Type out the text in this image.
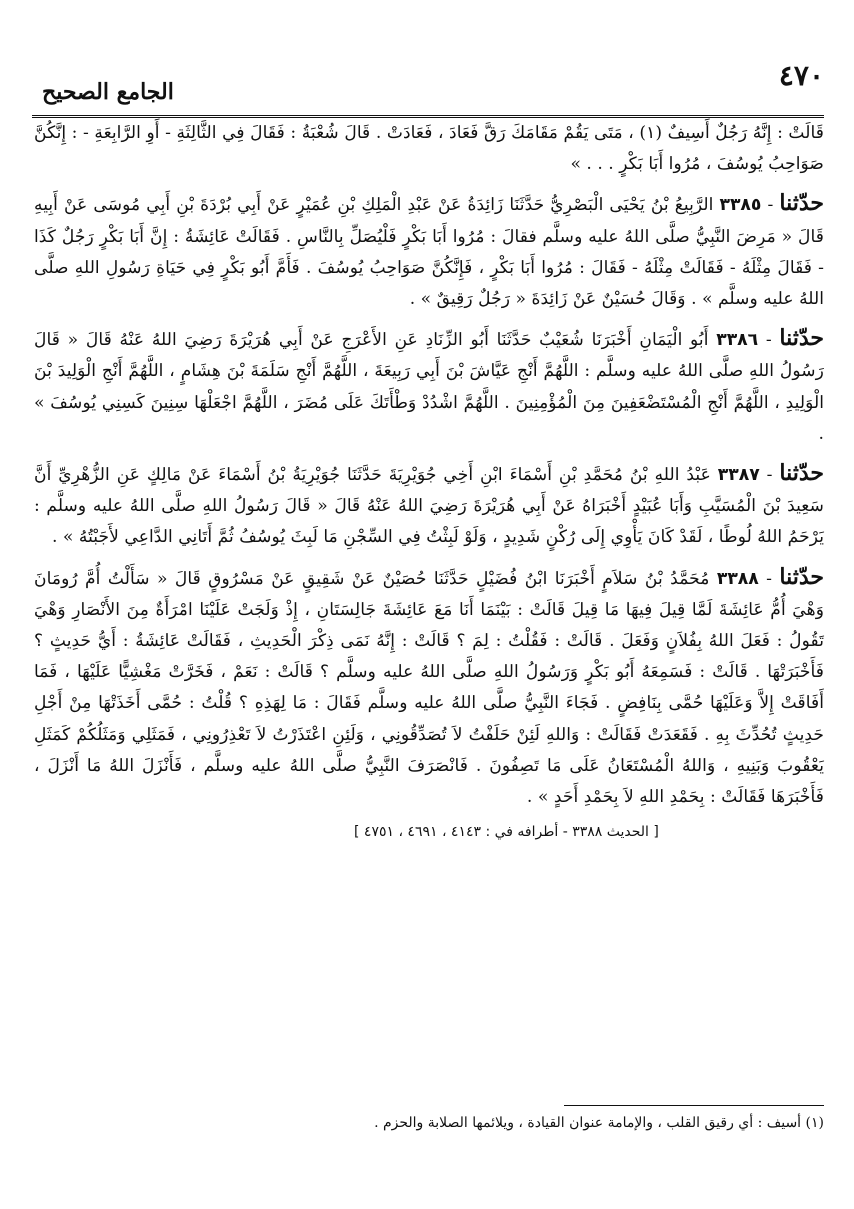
٤٧٠
الجامع الصحيح

قَالَتْ : إِنَّهُ رَجُلٌ أَسِيفٌ (١) ، مَتَى يَقُمْ مَقَامَكَ رَقَّ فَعَادَ ، فَعَادَتْ . قَالَ شُعْبَةُ : فَقَالَ فِي الثَّالِثَةِ - أَوِ الرَّابِعَةِ - : إِنَّكُنَّ صَوَاحِبُ يُوسُفَ ، مُرُوا أَبَا بَكْرٍ . . . »

حدّثنا - ٣٣٨٥ الرَّبِيعُ بْنُ يَحْيَى الْبَصْرِيُّ حَدَّثَنَا زَائِدَةُ عَنْ عَبْدِ الْمَلِكِ بْنِ عُمَيْرٍ عَنْ أَبِي بُرْدَةَ بْنِ أَبِي مُوسَى عَنْ أَبِيهِ قَالَ « مَرِضَ النَّبِيُّ صلَّى اللهُ عليه وسلَّم فقالَ : مُرُوا أَبَا بَكْرٍ فَلْيُصَلِّ بِالنَّاسِ . فَقَالَتْ عَائِشَةُ : إِنَّ أَبَا بَكْرٍ رَجُلٌ كَذَا - فَقَالَ مِثْلَهُ - فَقَالَتْ مِثْلَهُ - فَقَالَ : مُرُوا أَبَا بَكْرٍ ، فَإِنَّكُنَّ صَوَاحِبُ يُوسُفَ . فَأَمَّ أَبُو بَكْرٍ فِي حَيَاةِ رَسُولِ اللهِ صلَّى اللهُ عليه وسلَّم » . وَقَالَ حُسَيْنٌ عَنْ زَائِدَةَ « رَجُلٌ رَقِيقٌ » .

حدّثنا - ٣٣٨٦ أَبُو الْيَمَانِ أَخْبَرَنَا شُعَيْبٌ حَدَّثَنَا أَبُو الزِّنَادِ عَنِ الأَعْرَجِ عَنْ أَبِي هُرَيْرَةَ رَضِيَ اللهُ عَنْهُ قَالَ « قَالَ رَسُولُ اللهِ صلَّى اللهُ عليه وسلَّم : اللَّهُمَّ أَنْجِ عَيَّاشَ بْنَ أَبِي رَبِيعَةَ ، اللَّهُمَّ أَنْجِ سَلَمَةَ بْنَ هِشَامٍ ، اللَّهُمَّ أَنْجِ الْوَلِيدَ بْنَ الْوَلِيدِ ، اللَّهُمَّ أَنْجِ الْمُسْتَضْعَفِينَ مِنَ الْمُؤْمِنِينَ . اللَّهُمَّ اشْدُدْ وَطْأَتَكَ عَلَى مُضَرَ ، اللَّهُمَّ اجْعَلْهَا سِنِينَ كَسِنِي يُوسُفَ » .

حدّثنا - ٣٣٨٧ عَبْدُ اللهِ بْنُ مُحَمَّدِ بْنِ أَسْمَاءَ ابْنِ أَخِي جُوَيْرِيَةَ حَدَّثَنَا جُوَيْرِيَةُ بْنُ أَسْمَاءَ عَنْ مَالِكٍ عَنِ الزُّهْرِيِّ أَنَّ سَعِيدَ بْنَ الْمُسَيَّبِ وَأَبَا عُبَيْدٍ أَخْبَرَاهُ عَنْ أَبِي هُرَيْرَةَ رَضِيَ اللهُ عَنْهُ قَالَ « قَالَ رَسُولُ اللهِ صلَّى اللهُ عليه وسلَّم : يَرْحَمُ اللهُ لُوطًا ، لَقَدْ كَانَ يَأْوِي إِلَى رُكْنٍ شَدِيدٍ ، وَلَوْ لَبِثْتُ فِي السِّجْنِ مَا لَبِثَ يُوسُفُ ثُمَّ أَتَانِي الدَّاعِي لأَجَبْتُهُ » .

حدّثنا - ٣٣٨٨ مُحَمَّدُ بْنُ سَلاَمٍ أَخْبَرَنَا ابْنُ فُضَيْلٍ حَدَّثَنَا حُصَيْنٌ عَنْ شَقِيقٍ عَنْ مَسْرُوقٍ قَالَ « سَأَلْتُ أُمَّ رُومَانَ وَهْيَ أُمُّ عَائِشَةَ لَمَّا قِيلَ فِيهَا مَا قِيلَ قَالَتْ : بَيْنَمَا أَنَا مَعَ عَائِشَةَ جَالِسَتَانِ ، إِذْ وَلَجَتْ عَلَيْنَا امْرَأَةٌ مِنَ الأَنْصَارِ وَهْيَ تَقُولُ : فَعَلَ اللهُ بِفُلاَنٍ وَفَعَلَ . قَالَتْ : فَقُلْتُ : لِمَ ؟ قَالَتْ : إِنَّهُ نَمَى ذِكْرَ الْحَدِيثِ ، فَقَالَتْ عَائِشَةُ : أَيُّ حَدِيثٍ ؟ فَأَخْبَرَتْهَا . قَالَتْ : فَسَمِعَهُ أَبُو بَكْرٍ وَرَسُولُ اللهِ صلَّى اللهُ عليه وسلَّم ؟ قَالَتْ : نَعَمْ ، فَخَرَّتْ مَغْشِيًّا عَلَيْهَا ، فَمَا أَفَاقَتْ إِلاَّ وَعَلَيْهَا حُمَّى بِنَافِضٍ . فَجَاءَ النَّبِيُّ صلَّى اللهُ عليه وسلَّم فَقَالَ : مَا لِهَذِهِ ؟ قُلْتُ : حُمَّى أَخَذَتْهَا مِنْ أَجْلِ حَدِيثٍ تُحُدِّثَ بِهِ . فَقَعَدَتْ فَقَالَتْ : وَاللهِ لَئِنْ حَلَفْتُ لاَ تُصَدِّقُونِي ، وَلَئِنِ اعْتَذَرْتُ لاَ تَعْذِرُونِي ، فَمَثَلِي وَمَثَلُكُمْ كَمَثَلِ يَعْقُوبَ وَبَنِيهِ ، وَاللهُ الْمُسْتَعَانُ عَلَى مَا تَصِفُونَ . فَانْصَرَفَ النَّبِيُّ صلَّى اللهُ عليه وسلَّم ، فَأَنْزَلَ اللهُ مَا أَنْزَلَ ، فَأَخْبَرَهَا فَقَالَتْ : بِحَمْدِ اللهِ لاَ بِحَمْدِ أَحَدٍ » .

[ الحديث ٣٣٨٨ - أطرافه في : ٤١٤٣ ، ٤٦٩١ ، ٤٧٥١ ]
(١) أسيف : أي رقيق القلب ، والإمامة عنوان القيادة ، ويلائمها الصلابة والحزم .
